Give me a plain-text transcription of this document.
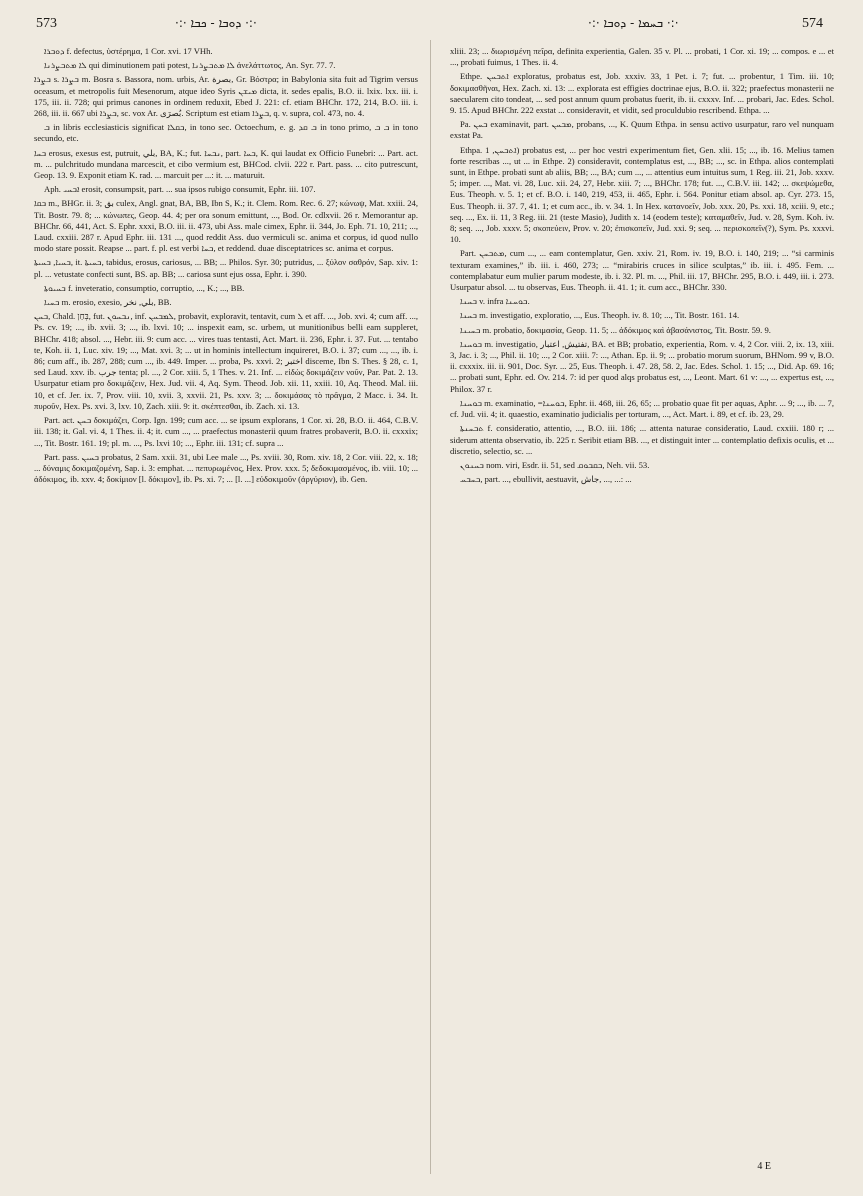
573	·:· ܕܘܒܐ - ܟܒܐ ·:·	·:· ܒܚܡܐ - ܕܘܒܐ ·:·	574

ܕܘܒܪܐ f. defectus, ὑστέρημα, 1 Cor. xvi. 17 VHh.

ܠܐ ܡܬܒܨܪܢܐ qui diminutionem pati potest, ܠܐ ܡܬܒܨܪܢܐ ἀνελάττωτος, An. Syr. 77. 7.

ܒܨܪܐ s. ܒܨܪܐ m. Bosra s. Bassora, nom. urbis, Ar. بصرة, Gr. Βόστρα; in Babylonia sita fuit ad Tigrim versus oceasum, et metropolis fuit Mesenorum, atque ideo Syris ܡܝܫܢ dicta, it. sedes epalis, B.O. ii. lxix. lxx. iii. i. 175, iii. ii. 728; qui primus canones in ordinem reduxit, Ebed J. 221: cf. etiam BHChr. 172, 214, B.O. iii. i. 268, iii. ii. 667 ubi ܒܨܪܐ, sc. vox Ar. بُصرَى. Scriptum est etiam ܒܨܪܐ, q. v. supra, col. 473, no. 4.

ܒ in libris ecclesiasticis significat ܒܩܠܐ, in tono sec. Octoechum, e. g. ܒ ܩܕ in tono primo, ܒ ܒ in tono secundo, etc.

ܒܚܐ erosus, exesus est, putruit, بلي, BA, K.; fut. ܢܒܚܐ, part. ܒܚܐ, K. qui laudat ex Officio Funebri: ... Part. act. m. ... pulchritudo mundana marcescit, et cibo vermium est, BHCod. clvii. 222 r. Part. pass. ... cito putrescunt, Geop. 13. 9. Exponit etiam K. rad. ... marcuit per ...: it. ... maturuit.

Aph. ܐܒܚܝ erosit, consumpsit, part. ... sua ipsos rubigo consumit, Ephr. iii. 107.

ܒܩܐ m., BHGr. ii. 3; بق culex, Angl. gnat, BA, BB, Ibn S, K.; it. Clem. Rom. Rec. 6. 27; κώνωψ, Mat. xxiii. 24, Tit. Bostr. 79. 8; ... κώνωπες, Geop. 44. 4; per ora sonum emittunt, ..., Bod. Or. cdlxvii. 26 r. Memorantur ap. BHChr. 66, 441, Act. S. Ephr. xxxi, B.O. iii. ii. 473, ubi Ass. male cimex, Ephr. ii. 344, Jo. Eph. 71. 10, 211; ..., Laud. cxxiii. 287 r. Apud Ephr. iii. 131 ..., quod reddit Ass. duo vermiculi sc. anima et corpus, id quod nullo modo stare possit. Reapse ... part. f. pl. est verbi ܒܚܐ, et reddend. duae disceptatrices sc. anima et corpus.

ܒܚܝܐ, ܒܚܝܬܐ, it. ܒܚܝܬܐ, tabidus, erosus, cariosus, ... BB; ... Philos. Syr. 30; putridus, ... ξύλον σαθρόν, Sap. xiv. 1: pl. ... vetustate confecti sunt, BS. ap. BB; ... cariosa sunt ejus ossa, Ephr. i. 390.

ܒܚܝܘܬܐ f. inveteratio, consumptio, corruptio, ..., K.; ..., BB.

ܒܚܝܐ m. erosio, exesio, بلي, نخر, BB.

ܒܚܢ, Chald. בְּחַן, fut. ܢܒܚܘܢ, inf. ܠܡܒܚܢ, probavit, exploravit, tentavit, cum ܠ et aff. ..., Job. xvi. 4; cum aff. ..., Ps. cv. 19; ..., ib. xvii. 3; ..., ib. lxvi. 10; ... inspexit eam, sc. urbem, ut munitionibus belli eam suppleret, BHChr. 418; absol. ..., Hebr. iii. 9: cum acc. ... vires tuas tentasti, Act. Mart. ii. 236, Ephr. i. 37. Fut. ... tentabo te, Koh. ii. 1, Luc. xiv. 19; ..., Mat. xvi. 3; ... ut in hominis intellectum inquireret, B.O. i. 37; cum ..., ..., ib. i. 86; cum aff., ib. 287, 288; cum ..., ib. 449. Imper. ... proba, Ps. xxvi. 2; اختبر disceme, Ibn S. Thes. § 28, c. 1, sed Laud. xxv. ib. جرب tenta; pl. ..., 2 Cor. xiii. 5, 1 Thes. v. 21. Inf. ... εἰδὼς δοκιμάζειν νοῦν, Par. Pat. 2. 13. Usurpatur etiam pro δοκιμάζειν, Hex. Jud. vii. 4, Aq. Sym. Theod. Job. xii. 11, xxiii. 10, Aq. Theod. Mal. iii. 10, et cf. Jer. ix. 7, Prov. viii. 10, xvii. 3, xxvii. 21, Ps. xxv. 3; ... δοκιμάσας τὸ πρᾶγμα, 2 Macc. i. 34. It. πυροῦν, Hex. Ps. xvi. 3, lxv. 10, Zach. xiii. 9: it. σκέπτεσθαι, ib. Zach. xi. 13.

Part. act. ܒܚܢ δοκιμάζει, Corp. Ign. 199; cum acc. ... se ipsum explorans, 1 Cor. xi. 28, B.O. ii. 464, C.B.V. iii. 138; it. Gal. vi. 4, 1 Thes. ii. 4; it. cum ..., ... praefectus monasterii quum fratres probaverit, B.O. ii. cxxxix; ..., Tit. Bostr. 161. 19; pl. m. ..., Ps. lxvi 10; ..., Ephr. iii. 131; cf. supra ...

Part. pass. ܒܚܝܢ probatus, 2 Sam. xxii. 31, ubi Lee male ..., Ps. xviii. 30, Rom. xiv. 18, 2 Cor. viii. 22, x. 18; ... δύναμις δοκιμαζομένη, Sap. i. 3: emphat. ... πεπυρωμένος, Hex. Prov. xxx. 5; δεδοκιμασμένος, ib. viii. 10; ... ἀδόκιμος, ib. xxv. 4; δοκίμιον [l. δόκιμον], ib. Ps. xi. 7; ... [l. ...] εὐδοκιμοῦν (ἀργύριον), ib. Gen.

xliii. 23; ... διωρισμένη πεῖρα, definita experientia, Galen. 35 v. Pl. ... probati, 1 Cor. xi. 19; ... compos. e ... et ..., probati fuimus, 1 Thes. ii. 4.

Ethpe. ܐܬܒܚܢ exploratus, probatus est, Job. xxxiv. 33, 1 Pet. i. 7; fut. ... probentur, 1 Tim. iii. 10; δοκιμασθῆναι, Hex. Zach. xi. 13: ... explorata est effigies doctrinae ejus, B.O. ii. 322; praefectus monasterii ne saecularem cito tondeat, ... sed post annum quum probatus fuerit, ib. ii. cxxxv. Inf. ... probari, Jac. Edes. Schol. 9. 15. Apud BHChr. 222 exstat ... consideravit, et vidit, sed proculdubio rescribend. Ethpa. ...

Pa. ܒܚܢ examinavit, part. ܡܒܚܢ, probans, ..., K. Quum Ethpa. in sensu activo usurpatur, raro vel nunquam exstat Pa.

Ethpa. ܐܬܒܚܢ, 1) probatus est, ... per hoc vestri experimentum fiet, Gen. xlii. 15; ..., ib. 16. Melius tamen forte rescribas ..., ut ... in Ethpe. 2) consideravit, contemplatus est, ..., BB; ..., sc. in Ethpa. alios contemplati sunt, in Ethpe. probati sunt ab aliis, BB; ..., BA; cum ..., ... attentius eum intuitus sum, 1 Reg. iii. 21, Job. xxxv. 5; imper. ..., Mat. vi. 28, Luc. xii. 24, 27, Hebr. xiii. 7; ..., BHChr. 178; fut. ..., C.B.V. iii. 142; ... σκεψώμεθα, Eus. Theoph. v. 5. 1; et cf. B.O. i. 140, 219, 453, ii. 465, Ephr. i. 564. Ponitur etiam absol. ap. Cyr. 273. 15, Eus. Theoph. ii. 37. 7, 41. 1; et cum acc., ib. v. 34. 1. In Hex. κατανοεῖν, Job. xxx. 20, Ps. xxi. 18, xciii. 9, etc.; seq. ..., Ex. ii. 11, 3 Reg. iii. 21 (teste Masio), Judith x. 14 (eodem teste); καταμαθεῖν, Jud. v. 28, Sym. Koh. iv. 8; seq. ..., Job. xxxv. 5; σκοπεύειν, Prov. v. 20; ἐπισκοπεῖν, Jud. xxi. 9; seq. ... περισκοπεῖν(?), Sym. Ps. xxxvi. 10.

Part. ܡܬܒܚܢ, cum ..., ... eam contemplatur, Gen. xxiv. 21, Rom. iv. 19, B.O. i. 140, 219; ... “si carminis texturam examines,” ib. iii. i. 460, 273; ... “mirabiris cruces in silice sculptas,” ib. iii. i. 495. Fem. ... contemplabatur eum mulier parum modeste, ib. i. 32. Pl. m. ..., Phil. iii. 17, BHChr. 295, B.O. i. 449, iii. i. 273. Usurpatur absol. ... tu observas, Eus. Theoph. ii. 41. 1; it. cum acc., BHChr. 330.

ܒܚܢܐ v. infra ܒܘܚܢܐ.

ܒܚܢܐ m. investigatio, exploratio, ..., Eus. Theoph. iv. 8. 10; ..., Tit. Bostr. 161. 14.

ܒܚܝܢܐ m. probatio, δοκιμασία, Geop. 11. 5; ... ἀδόκιμος καὶ ἀβασάνιστος, Tit. Bostr. 59. 9.

ܒܘܚܢܐ m. investigatio, تفتيش, اعتبار, BA. et BB; probatio, experientia, Rom. v. 4, 2 Cor. viii. 2, ix. 13, xiii. 3, Jac. i. 3; ..., Phil. ii. 10; ..., 2 Cor. xiii. 7: ..., Athan. Ep. ii. 9; ... probatio morum suorum, BHNom. 99 v, B.O. ii. cxxxix. iii. ii. 901, Doc. Syr. ... 25, Eus. Theoph. i. 47. 28, 58. 2, Jac. Edes. Schol. 1. 15; ..., Did. Ap. 69. 16; ... probati sunt, Ephr. ed. Ov. 214. 7: id per quod alqs probatus est, ..., Leont. Mart. 61 v: ..., ... expertus est, ..., Philox. 37 r.

ܒܘܚܢܐ m. examinatio, =ܒܘܚܢܐ, Ephr. ii. 468, iii. 26, 65; ... probatio quae fit per aquas, Aphr. ... 9; ..., ib. ... 7, cf. Jud. vii. 4; it. quaestio, examinatio judicialis per torturam, ..., Act. Mart. i. 89, et cf. ib. 23, 29.

ܬܒܚܢܬܐ f. consideratio, attentio, ..., B.O. iii. 186; ... attenta naturae consideratio, Laud. cxxiii. 180 r; ... siderum attenta observatio, ib. 225 r. Seribit etiam BB. ..., et distinguit inter ... contemplatio defixis oculis, et ... discretio, selectio, sc. ...

ܒܚܢܘܢ nom. viri, Esdr. ii. 51, sed ܒܩܒܘܩ, Neh. vii. 53.

ܒܚܒܚ, part. ..., ebullivit, aestuavit, جاش, ..., ...: ...

4 E
